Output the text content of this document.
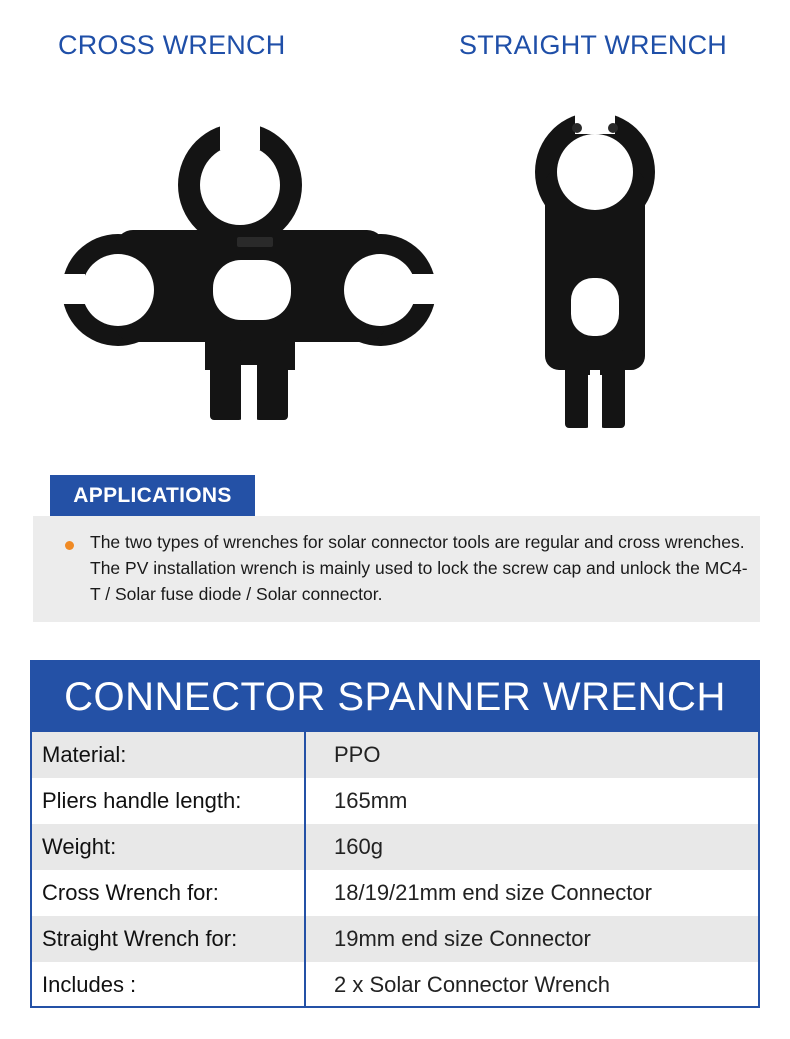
CROSS WRENCH	STRAIGHT WRENCH
APPLICATIONS
The two types of wrenches for solar connector tools are regular and cross wrenches. The PV installation wrench is mainly used to lock the screw cap and unlock the MC4-T / Solar fuse diode / Solar connector.
CONNECTOR SPANNER WRENCH
Material:	PPO
Pliers handle length:	165mm
Weight:	160g
Cross Wrench for:	18/19/21mm end size Connector
Straight Wrench for:	19mm end size Connector
Includes :	2 x Solar Connector Wrench
